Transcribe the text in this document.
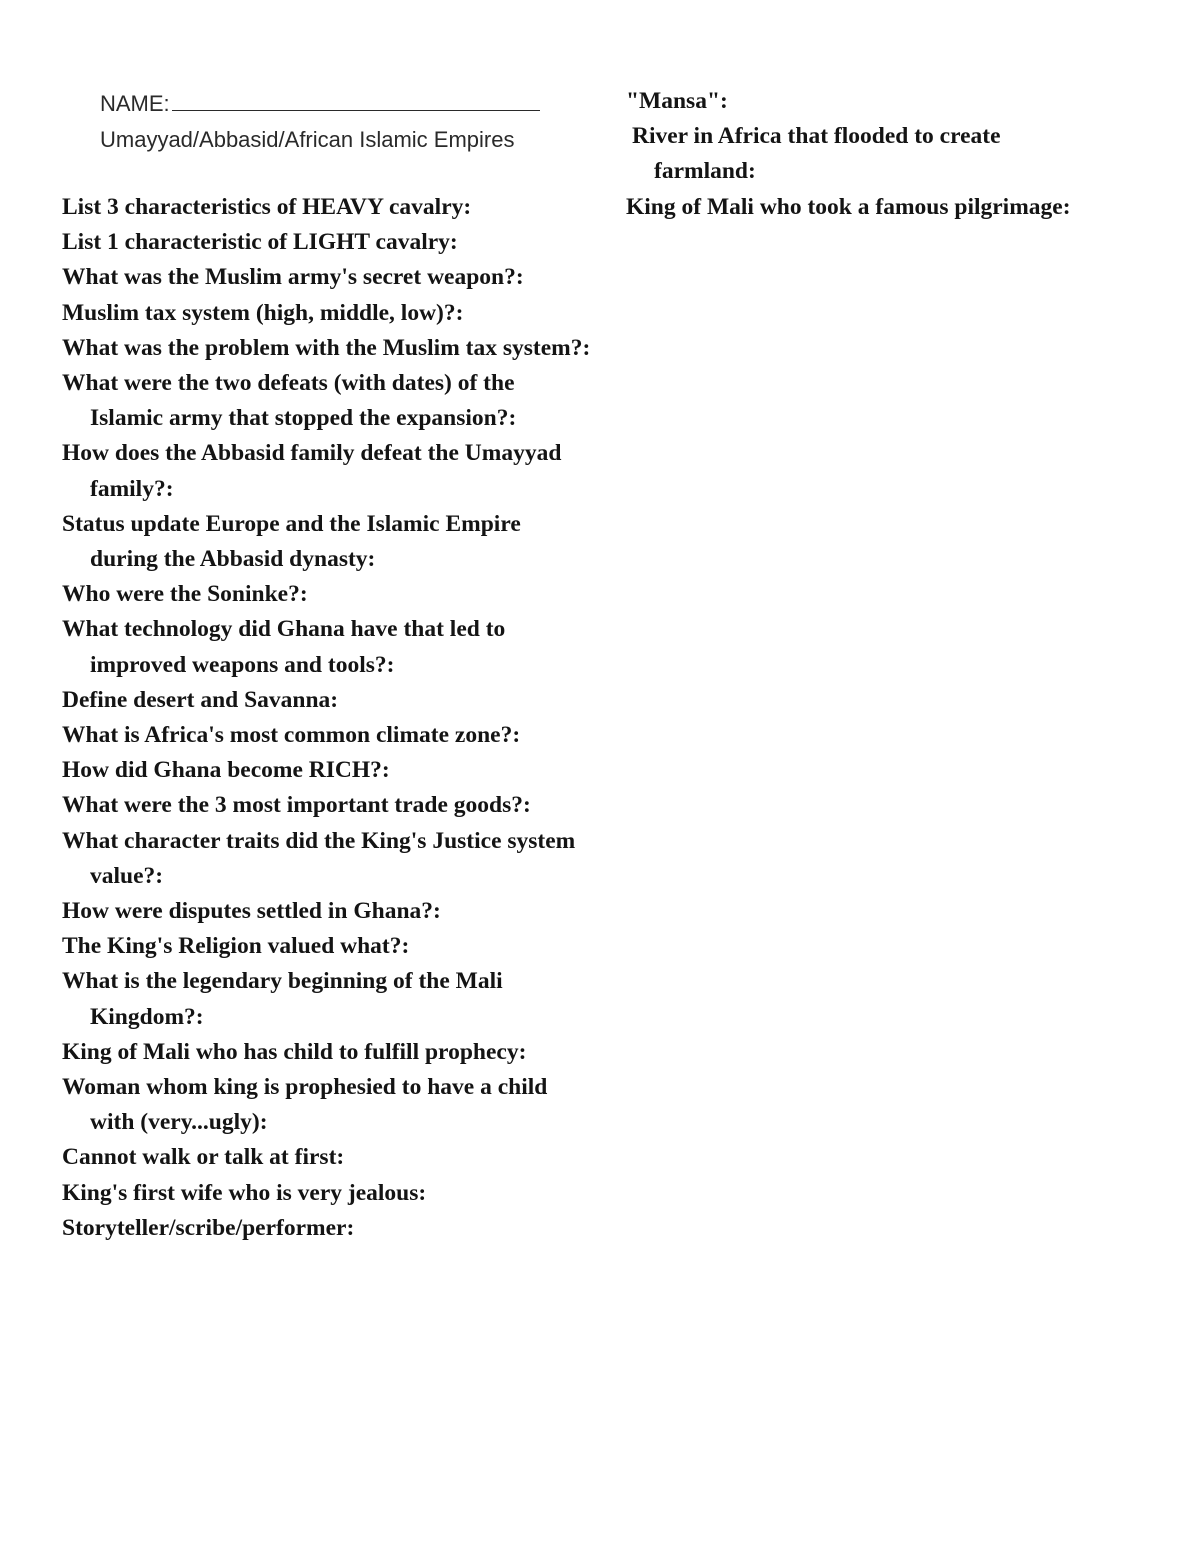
NAME:
Umayyad/Abbasid/African Islamic Empires

List 3 characteristics of HEAVY cavalry:

List 1 characteristic of LIGHT cavalry:

What was the Muslim army's secret weapon?:

Muslim tax system (high, middle, low)?:

What was the problem with the Muslim tax system?:

What were the two defeats (with dates) of the Islamic army that stopped the expansion?:

How does the Abbasid family defeat the Umayyad family?:

Status update Europe and the Islamic Empire during the Abbasid dynasty:

Who were the Soninke?:

What technology did Ghana have that led to improved weapons and tools?:

Define desert and Savanna:

What is Africa's most common climate zone?:

How did Ghana become RICH?:

What were the 3 most important trade goods?:

What character traits did the King's Justice system value?:

How were disputes settled in Ghana?:

The King's Religion valued what?:

What is the legendary beginning of the Mali Kingdom?:

King of Mali who has child to fulfill prophecy:

Woman whom king is prophesied to have a child with (very...ugly):

Cannot walk or talk at first:

King's first wife who is very jealous:

Storyteller/scribe/performer:

"Mansa":

River in Africa that flooded to create farmland:

King of Mali who took a famous pilgrimage:
